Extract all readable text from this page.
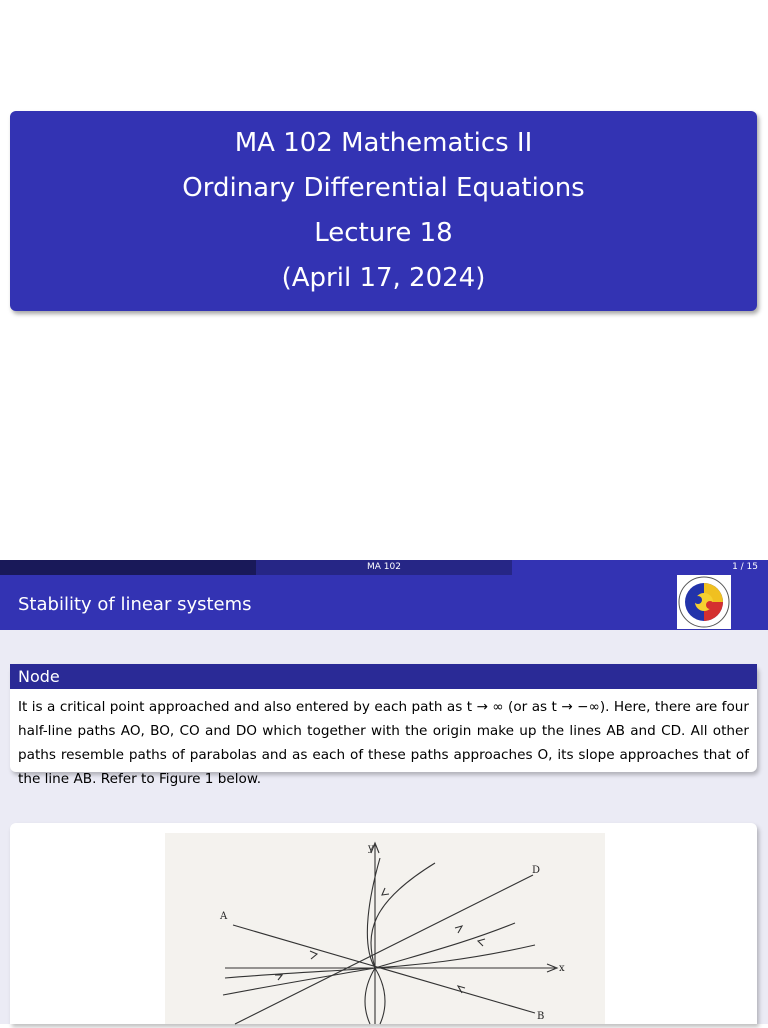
MA 102 Mathematics II
Ordinary Differential Equations
Lecture 18
(April 17, 2024)
MA 102	1 / 15
Stability of linear systems
Node
It is a critical point approached and also entered by each path as t → ∞ (or as t → −∞). Here, there are four half-line paths AO, BO, CO and DO which together with the origin make up the lines AB and CD. All other paths resemble paths of parabolas and as each of these paths approaches O, its slope approaches that of the line AB. Refer to Figure 1 below.
A
B
D
x
y
